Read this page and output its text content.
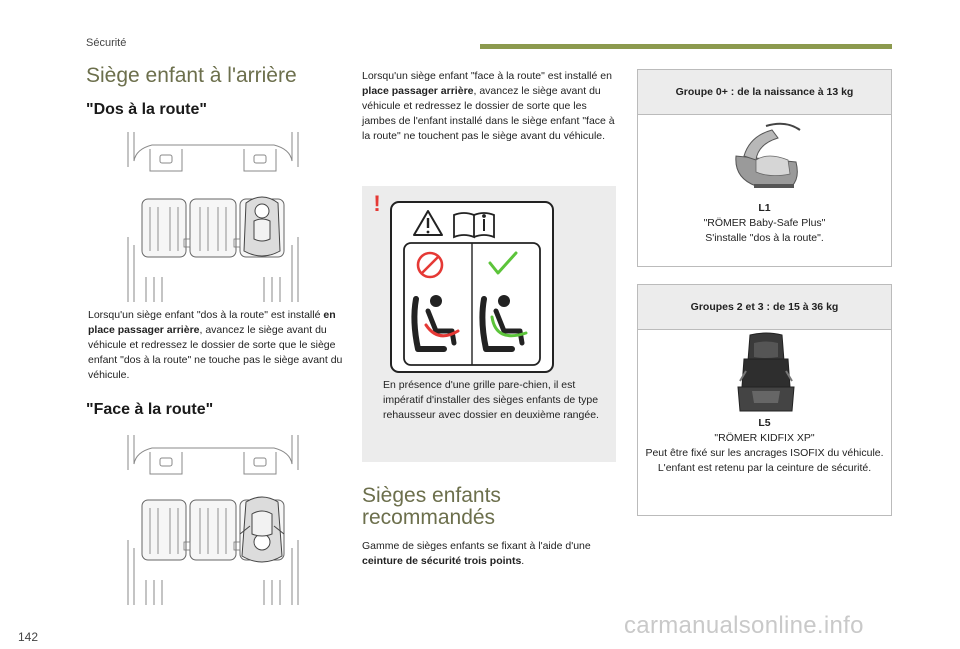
Sécurité
Siège enfant à l'arrière
"Dos à la route"
Lorsqu'un siège enfant "dos à la route" est installé en place passager arrière, avancez le siège avant du véhicule et redressez le dossier de sorte que le siège enfant "dos à la route" ne touche pas le siège avant du véhicule.
"Face à la route"
Lorsqu'un siège enfant "face à la route" est installé en place passager arrière, avancez le siège avant du véhicule et redressez le dossier de sorte que les jambes de l'enfant installé dans le siège enfant "face à la route" ne touchent pas le siège avant du véhicule.
!
En présence d'une grille pare-chien, il est impératif d'installer des sièges enfants de type rehausseur avec dossier en deuxième rangée.
Sièges enfants
recommandés
Gamme de sièges enfants se fixant à l'aide d'une ceinture de sécurité trois points.
Groupe 0+ : de la naissance à 13 kg
L1
"RÖMER Baby-Safe Plus"
S'installe "dos à la route".
Groupes 2 et 3 : de 15 à 36 kg
L5
"RÖMER KIDFIX XP"
Peut être fixé sur les ancrages ISOFIX du véhicule.
L'enfant est retenu par la ceinture de sécurité.
142	carmanualsonline.info
